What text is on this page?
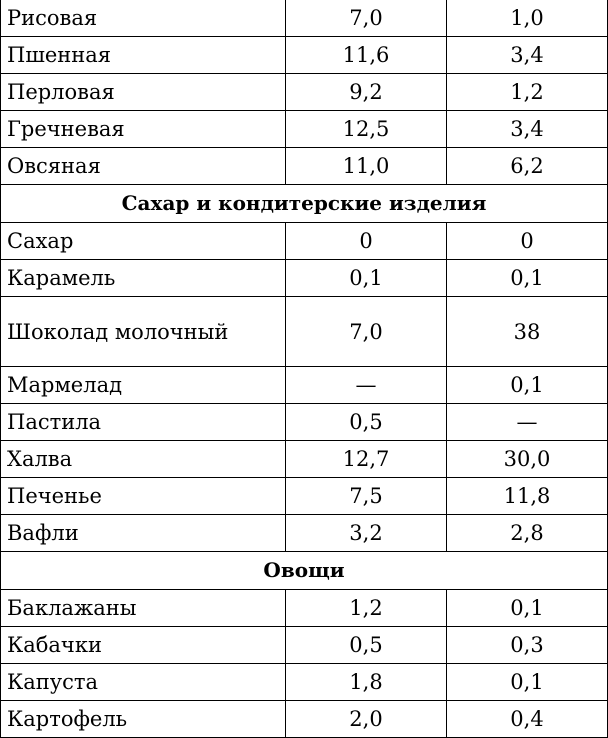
Рисовая	7,0	1,0
Пшенная	11,6	3,4
Перловая	9,2	1,2
Гречневая	12,5	3,4
Овсяная	11,0	6,2
Сахар и кондитерские изделия		
Сахар	0	0
Карамель	0,1	0,1
Шоколад молочный	7,0	38
Мармелад	—	0,1
Пастила	0,5	—
Халва	12,7	30,0
Печенье	7,5	11,8
Вафли	3,2	2,8
Овощи		
Баклажаны	1,2	0,1
Кабачки	0,5	0,3
Капуста	1,8	0,1
Картофель	2,0	0,4
